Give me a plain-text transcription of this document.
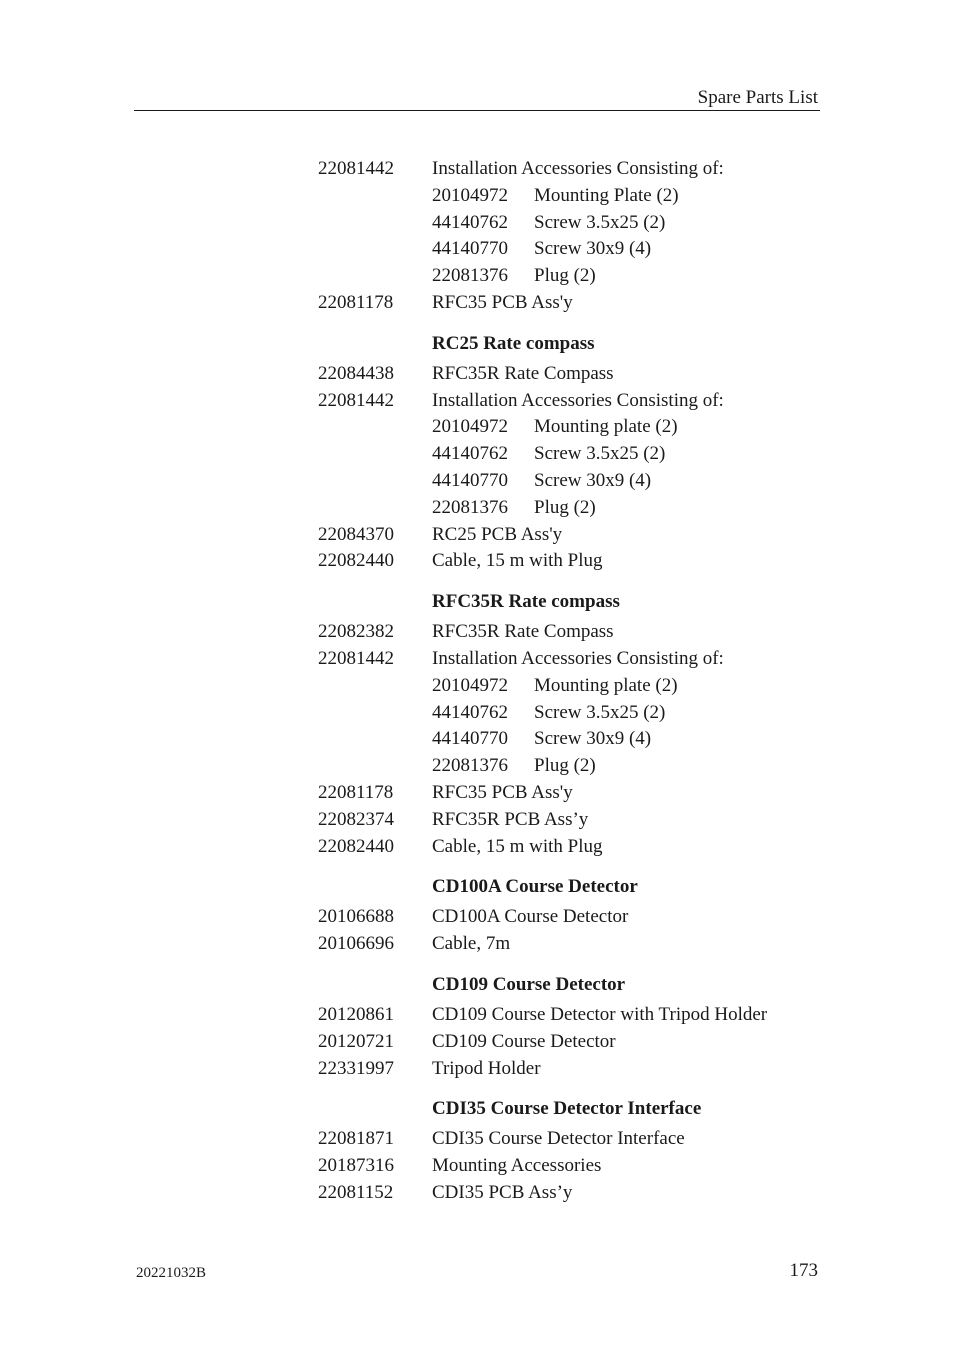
Spare Parts List
22081442 Installation Accessories Consisting of:
20104972 Mounting Plate (2)
44140762 Screw 3.5x25 (2)
44140770 Screw 30x9 (4)
22081376 Plug (2)
22081178 RFC35 PCB Ass'y
RC25 Rate compass
22084438 RFC35R Rate Compass
22081442 Installation Accessories Consisting of:
20104972 Mounting plate (2)
44140762 Screw 3.5x25 (2)
44140770 Screw 30x9 (4)
22081376 Plug (2)
22084370 RC25 PCB Ass'y
22082440 Cable, 15 m with Plug
RFC35R Rate compass
22082382 RFC35R Rate Compass
22081442 Installation Accessories Consisting of:
20104972 Mounting plate (2)
44140762 Screw 3.5x25 (2)
44140770 Screw 30x9 (4)
22081376 Plug (2)
22081178 RFC35 PCB Ass'y
22082374 RFC35R PCB Ass’y
22082440 Cable, 15 m with Plug
CD100A Course Detector
20106688 CD100A Course Detector
20106696 Cable, 7m
CD109 Course Detector
20120861 CD109 Course Detector with Tripod Holder
20120721 CD109 Course Detector
22331997 Tripod Holder
CDI35 Course Detector Interface
22081871 CDI35 Course Detector Interface
20187316 Mounting Accessories
22081152 CDI35 PCB Ass’y
20221032B	173
